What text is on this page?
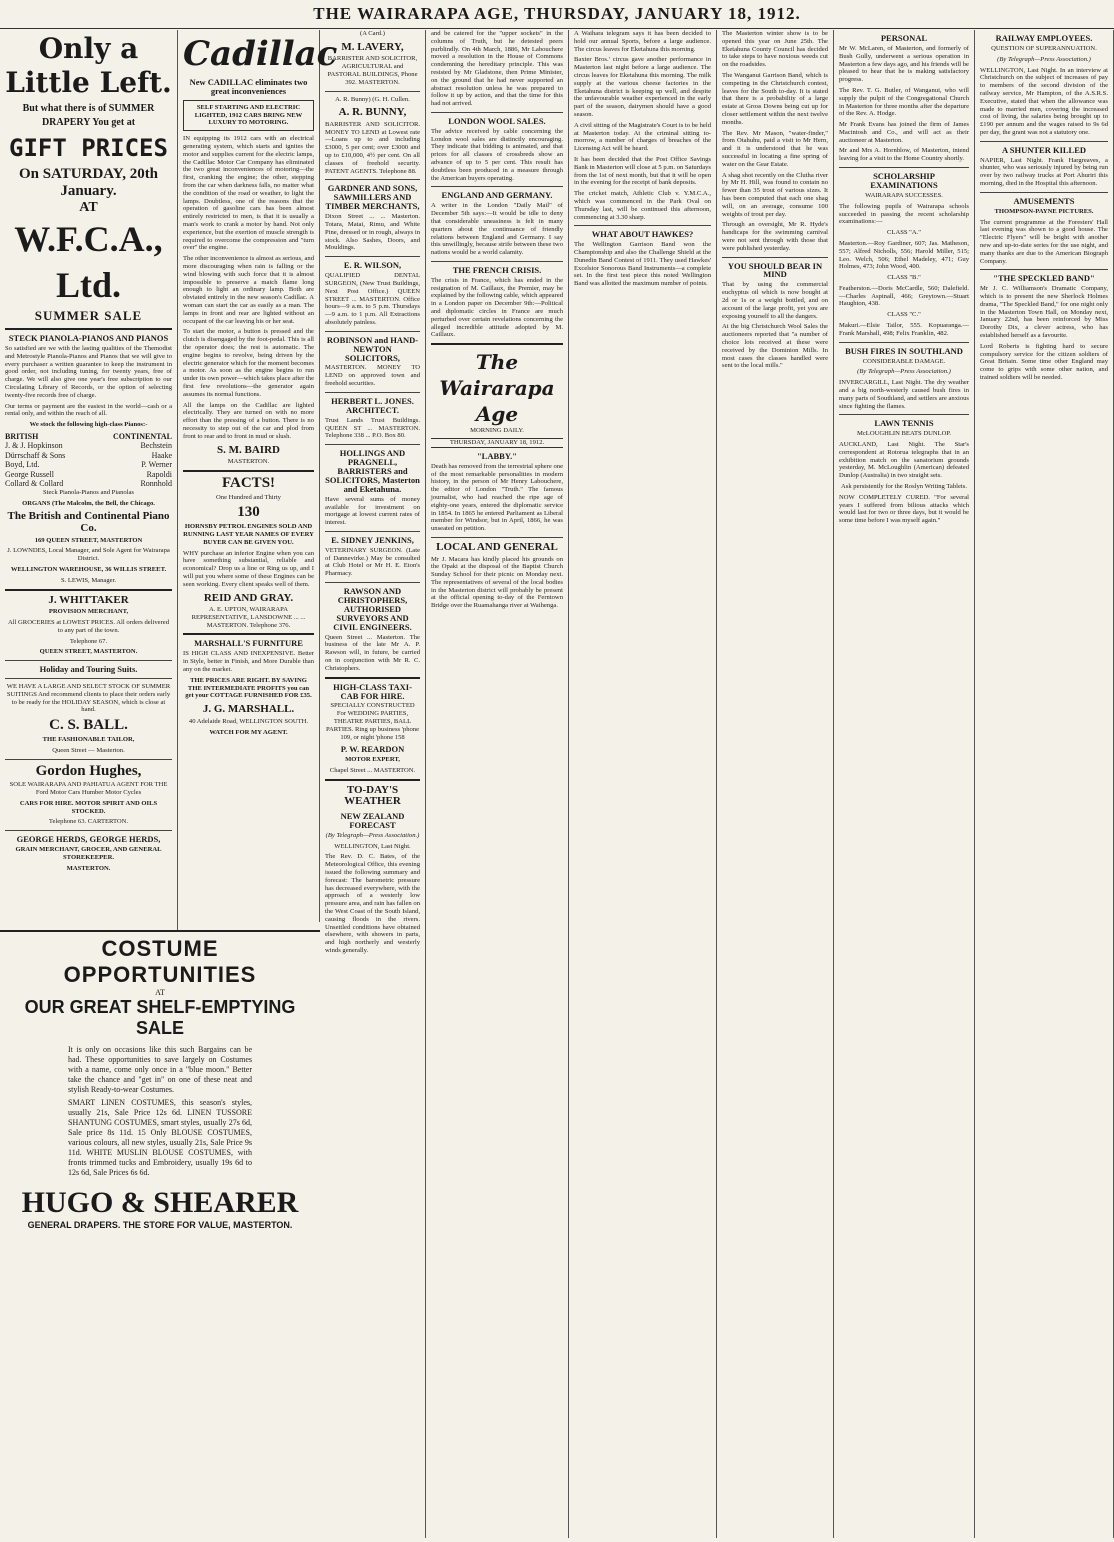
THE WAIRARAPA AGE, THURSDAY, JANUARY 18, 1912.
Only a Little Left.
But what there is of SUMMER DRAPERY You get at
GIFT PRICES
On SATURDAY, 20th January.
AT
W.F.C.A., Ltd.
SUMMER SALE
STECK PIANOLA-PIANOS AND PIANOS

So satisfied are we with the lasting qualities of the Themodist and Metrostyle Pianola-Pianos and Pianos that we will give to every purchaser a written guarantee to keep the instrument in good order, not including tuning, for twenty years, free of charge. We will also give one year's free subscription to our Circulating Library of Records, or the option of selecting twenty-five records free of charge.

Our terms or payment are the easiest in the world—cash or a rental only, and within the reach of all.

We stock the following high-class Pianos:-
BRITISH	CONTINENTAL
J. & J. Hopkinson	Bechstein
Dürrschaff & Sons	Haake
Boyd, Ltd.	P. Werner
George Russell	Rapoldi
Collard & Collard	Ronnhold
Steck Pianola-Pianos and Pianolas
ORGANS (The Malcolm, the Bell, the Chicago.
The British and Continental Piano Co.
169 QUEEN STREET, MASTERTON
J. LOWNDES, Local Manager, and Sole Agent for Wairarapa District.
WELLINGTON WAREHOUSE, 36 WILLIS STREET.
S. LEWIS, Manager.
J. WHITTAKER
PROVISION MERCHANT,
All GROCERIES at LOWEST PRICES. All orders delivered to any part of the town.
Telephone 67.
QUEEN STREET, MASTERTON.
Holiday and Touring Suits.

WE HAVE A LARGE AND SELECT STOCK OF SUMMER SUITINGS And recommend clients to place their orders early to be ready for the HOLIDAY SEASON, which is close at hand.

C. S. BALL.
THE FASHIONABLE TAILOR,
Queen Street — Masterton.
Gordon Hughes,
SOLE WAIRARAPA AND PAHIATUA AGENT FOR THE Ford Motor Cars Humber Motor Cycles
CARS FOR HIRE. MOTOR SPIRIT AND OILS STOCKED.
Telephone 63. CARTERTON.
GEORGE HERDS, GEORGE HERDS,
GRAIN MERCHANT, GROCER, AND GENERAL STOREKEEPER.
MASTERTON.
Cadillac
New CADILLAC eliminates two great inconveniences
SELF STARTING AND ELECTRIC LIGHTED, 1912 CARS BRING NEW LUXURY TO MOTORING.

IN equipping its 1912 cars with an electrical generating system, which starts and ignites the motor and supplies current for the electric lamps, the Cadillac Motor Car Company has eliminated the two great inconveniences of motoring—the first, cranking the engine; the other, stepping from the car when darkness falls, no matter what the condition of the road or weather, to light the lamps. Doubtless, one of the reasons that the operation of gasoline cars has been almost entirely restricted to men, is that it is usually a man's work to crank a motor by hand. Not only experience, but the exertion of muscle strength is required to overcome the compression and "turn over" the engine.

The other inconvenience is almost as serious, and more discouraging when rain is falling or the wind blowing with such force that it is almost impossible to preserve a match flame long enough to light an ordinary lamp. Both are obviated entirely in the new season's Cadillac. A woman can start the car as easily as a man. The lamps in front and rear are lighted without an occupant of the car leaving his or her seat.

To start the motor, a button is pressed and the clutch is disengaged by the foot-pedal. This is all the operator does; the rest is automatic. The engine begins to revolve, being driven by the electric generator which for the moment becomes a motor. As soon as the engine begins to run under its own power—which takes place after the first few revolutions—the generator again assumes its normal functions.

All the lamps on the Cadillac are lighted electrically. They are turned on with no more effort than the pressing of a button. There is no necessity to step out of the car and plod from front to rear and to front in mud or slush.

S. M. BAIRD
MASTERTON.
FACTS!
One Hundred and Thirty
130
HORNSBY PETROL ENGINES SOLD AND RUNNING LAST YEAR NAMES OF EVERY BUYER CAN BE GIVEN YOU.

WHY purchase an inferior Engine when you can have something substantial, reliable and economical? Drop us a line or Ring us up, and I will put you where some of these Engines can be seen working. Every client speaks well of them.

REID AND GRAY.
A. E. UPTON, WAIRARAPA REPRESENTATIVE, LANSDOWNE ... ... MASTERTON. Telephone 376.
MARSHALL'S FURNITURE

IS HIGH CLASS AND INEXPENSIVE. Better in Style, better in Finish, and More Durable than any on the market.

THE PRICES ARE RIGHT. BY SAVING THE INTERMEDIATE PROFITS you can get your COTTAGE FURNISHED FOR £35.
J. G. MARSHALL.
40 Adelaide Road, WELLINGTON SOUTH.
WATCH FOR MY AGENT.
COSTUME OPPORTUNITIES
AT
OUR GREAT SHELF-EMPTYING SALE

It is only on occasions like this such Bargains can be had. These opportunities to save largely on Costumes with a name, come only once in a "blue moon." Better take the chance and "get in" on one of these neat and stylish Ready-to-wear Costumes.

SMART LINEN COSTUMES, this season's styles, usually 21s, Sale Price 12s 6d. LINEN TUSSORE SHANTUNG COSTUMES, smart styles, usually 27s 6d, Sale price 8s 11d. 15 Only BLOUSE COSTUMES, various colours, all new styles, usually 21s, Sale Price 9s 11d. WHITE MUSLIN BLOUSE COSTUMES, with fronts trimmed tucks and Embroidery, usually 19s 6d to 12s 6d, Sale Prices 6s 6d.

HUGO & SHEARER
GENERAL DRAPERS. THE STORE FOR VALUE, MASTERTON.
(A Card.)
M. LAVERY,
BARRISTER AND SOLICITOR, AGRICULTURAL and PASTORAL BUILDINGS, Phone 392. MASTERTON.
A. R. Bunny) (G. H. Cullen.
A. R. BUNNY,

BARRISTER AND SOLICITOR. MONEY TO LEND at Lowest rate—Loans up to and including £3000, 5 per cent; over £3000 and up to £10,000, 4½ per cent. On all classes of freehold security. PATENT AGENTS. Telephone 88.

GARDNER AND SONS, SAWMILLERS AND TIMBER MERCHANTS,

Dixon Street ... ... Masterton. Totara, Matai, Rimu, and White Pine, dressed or in rough, always in stock. Also Sashes, Doors, and Mouldings.

E. R. WILSON,

QUALIFIED DENTAL SURGEON, (New Trust Buildings, Next Post Office.) QUEEN STREET ... MASTERTON. Office hours—9 a.m. to 5 p.m. Thursdays—9 a.m. to 1 p.m. All Extractions absolutely painless.

ROBINSON and HAND-NEWTON SOLICITORS,

MASTERTON. MONEY TO LEND on approved town and freehold securities.

HERBERT L. JONES. ARCHITECT.

Trust Lands Trust Buildings. QUEEN ST ... MASTERTON. Telephone 338 ... P.O. Box 80.

HOLLINGS AND PRAGNELL, BARRISTERS and SOLICITORS, Masterton and Eketahuna.

Have several sums of money available for investment on mortgage at lowest current rates of interest.

E. SIDNEY JENKINS,

VETERINARY SURGEON. (Late of Dannevirke.) May be consulted at Club Hotel or Mr H. E. Eton's Pharmacy.

RAWSON AND CHRISTOPHERS, AUTHORISED SURVEYORS AND CIVIL ENGINEERS.

Queen Street ... Masterton. The business of the late Mr A. P. Rawson will, in future, be carried on in conjunction with Mr R. C. Christophers.

HIGH-CLASS TAXI-CAB FOR HIRE.

SPECIALLY CONSTRUCTED For WEDDING PARTIES, THEATRE PARTIES, BALL PARTIES. Ring up business 'phone 109, or night 'phone 158

P. W. REARDON
MOTOR EXPERT,
Chapel Street ... MASTERTON.
TO-DAY'S WEATHER
NEW ZEALAND FORECAST
(By Telegraph—Press Association.)
WELLINGTON, Last Night.

The Rev. D. C. Bates, of the Meteorological Office, this evening issued the following summary and forecast: The barometric pressure has decreased everywhere, with the approach of a westerly low pressure area, and rain has fallen on the West Coast of the South Island, causing floods in the rivers. Unsettled conditions have obtained elsewhere, with showers in parts, and high northerly and westerly winds generally.

and be catered for the "upper sockets" in the columns of Truth, but he detested peers purblindly. On 4th March, 1886, Mr Labouchere moved a resolution in the House of Commons condemning the hereditary principle. This was resisted by Mr Gladstone, then Prime Minister, on the ground that he had never supported an abstract resolution unless he was prepared to follow it up by action, and that the time for this had not arrived.

LONDON WOOL SALES.

The advice received by cable concerning the London wool sales are distinctly encouraging. They indicate that bidding is animated, and that prices for all classes of crossbreds show an advance of up to 5 per cent. This result has doubtless been produced in a measure through the American buyers operating.

ENGLAND AND GERMANY.

A writer in the London "Daily Mail" of December 5th says:—It would be idle to deny that considerable uneasiness is felt in many quarters about the continuance of friendly relations between England and Germany. I say this unwillingly, because strife between these two nations would be a world calamity.

THE FRENCH CRISIS.

The crisis in France, which has ended in the resignation of M. Caillaux, the Premier, may be explained by the following cable, which appeared in a London paper on December 9th:—Political and diplomatic circles in France are much perturbed over certain revelations concerning the alleged incredible attitude adopted by M. Caillaux.

The Wairarapa Age
MORNING DAILY.
THURSDAY, JANUARY 18, 1912.
"LABBY."

Death has removed from the terrestrial sphere one of the most remarkable personalities in modern history, in the person of Mr Henry Labouchere, the editor of London "Truth." The famous journalist, who had reached the ripe age of eighty-one years, entered the diplomatic service in 1854. In 1865 he entered Parliament as Liberal member for Windsor, but in April, 1866, he was unseated on petition.

LOCAL AND GENERAL

Mr J. Macara has kindly placed his grounds on the Opaki at the disposal of the Baptist Church Sunday School for their picnic on Monday next. The representatives of several of the local bodies in the Masterton district will probably be present at the official opening to-day of the Ferntown Bridge over the Ruamahanga river at Waihenga.

A Waihara telegram says it has been decided to hold our annual Sports, before a large audience. The circus leaves for Eketahuna this morning.

Baxter Bros.' circus gave another performance in Masterton last night before a large audience. The circus leaves for Eketahuna this morning. The milk supply at the various cheese factories in the Eketahuna district is keeping up well, and despite the unfavourable weather experienced in the early part of the season, dairymen should have a good season.

A civil sitting of the Magistrate's Court is to be held at Masterton today. At the criminal sitting to-morrow, a number of charges of breaches of the Licensing Act will be heard.

It has been decided that the Post Office Savings Bank in Masterton will close at 5 p.m. on Saturdays from the 1st of next month, but that it will be open in the evening for the receipt of bank deposits.

The cricket match, Athletic Club v. Y.M.C.A., which was commenced in the Park Oval on Thursday last, will be continued this afternoon, commencing at 3.30 sharp.

WHAT ABOUT HAWKES?

The Wellington Garrison Band won the Championship and also the Challenge Shield at the Dunedin Band Contest of 1911. They used Hawkes' Excelsior Sonorous Band Instruments—a complete set. In the first test piece this noted Wellington Band was allotted the maximum number of points.

The Masterton winter show is to be opened this year on June 25th. The Eketahuna County Council has decided to take steps to have noxious weeds cut on the roadsides.

The Wanganui Garrison Band, which is competing in the Christchurch contest, leaves for the South to-day. It is stated that there is a probability of a large estate at Gross Downs being cut up for closer settlement within the next twelve months.

The Rev. Mr Mason, "water-finder," from Otahuhu, paid a visit to Mr Hern, and it is understood that he was successful in locating a fine spring of water on the Gear Estate.

A shag shot recently on the Clutha river by Mr H. Hill, was found to contain no fewer than 35 trout of various sizes. It has been computed that each one shag will, on an average, consume 100 weights of trout per day.

Through an oversight, Mr R. Hyde's handicaps for the swimming carnival were not sent through with those that were published yesterday.

YOU SHOULD BEAR IN MIND

That by using the commercial euchyptus oil which is now bought at 2d or 1s or a weight bottled, and on account of the large profit, yet you are exposing yourself to all the dangers.

At the big Christchurch Wool Sales the auctioneers reported that "a number of choice lots received at these were received by the Dominion Mills. In most cases the classes handled were sent to the local mills."

PERSONAL

Mr W. McLaren, of Masterton, and formerly of Bush Gully, underwent a serious operation in Masterton a few days ago, and his friends will be pleased to hear that he is making satisfactory progress.

The Rev. T. G. Butler, of Wanganui, who will supply the pulpit of the Congregational Church in Masterton for three months after the departure of the Rev. A. Hodge.

Mr Frank Evans has joined the firm of James Macintosh and Co., and will act as their auctioneer at Masterton.

Mr and Mrs A. Hornblow, of Masterton, intend leaving for a visit to the Home Country shortly.

SCHOLARSHIP EXAMINATIONS
WAIRARAPA SUCCESSES.

The following pupils of Wairarapa schools succeeded in passing the recent scholarship examinations:—

CLASS "A."

Masterton.—Roy Gardiner, 607; Jas. Matheson, 557; Alfred Nicholls, 556; Harold Miller, 515; Leo. Welch, 506; Ethel Madeley, 471; Guy Holmes, 473; John Wood, 400.

CLASS "B."

Featherston.—Doris McCardle, 560; Dalefield.—Charles Aspinall, 466; Greytown.—Stuart Haughton, 438.

CLASS "C."

Makuri.—Elsie Tailor, 555. Kopuaranga.—Frank Marshall, 498; Felix Franklin, 482.

BUSH FIRES IN SOUTHLAND
CONSIDERABLE DAMAGE.
(By Telegraph—Press Association.)

INVERCARGILL, Last Night. The dry weather and a big north-westerly caused bush fires in many parts of Southland, and settlers are anxious since fighting the flames.

LAWN TENNIS
McLOUGHLIN BEATS DUNLOP.

AUCKLAND, Last Night. The Star's correspondent at Rotorua telegraphs that in an exhibition match on the sanatorium grounds yesterday, M. McLoughlin (American) defeated Dunlop (Australia) in two straight sets.

Ask persistently for the Roslyn Writing Tablets.

NOW COMPLETELY CURED. "For several years I suffered from bilious attacks which would last for two or three days, but it would be some time before I was myself again."

RAILWAY EMPLOYEES.
QUESTION OF SUPERANNUATION.
(By Telegraph—Press Association.)

WELLINGTON, Last Night. In an interview at Christchurch on the subject of increases of pay to members of the second division of the railway service, Mr Hampton, of the A.S.R.S. Executive, stated that when the allowance was made to married men, covering the increased cost of living, the salaries being brought up to £190 per annum and the wages raised to 9s 6d per day, the grant was not a statutory one.

A SHUNTER KILLED

NAPIER, Last Night. Frank Hargreaves, a shunter, who was seriously injured by being run over by two railway trucks at Port Ahuriri this morning, died in the Hospital this afternoon.

AMUSEMENTS
THOMPSON-PAYNE PICTURES.

The current programme at the Foresters' Hall last evening was shown to a good house. The "Electric Flyers" will be bright with another new and up-to-date series for the use night, and many thanks are due to the American Biograph Company.

"THE SPECKLED BAND"

Mr J. C. Williamson's Dramatic Company, which is to present the new Sherlock Holmes drama, "The Speckled Band," for one night only in the Masterton Town Hall, on Monday next, January 22nd, has been reinforced by Miss Dorothy Dix, a clever actress, who has established herself as a favourite.

Lord Roberts is fighting hard to secure compulsory service for the citizen soldiers of Great Britain. Some time other England may come to grips with some other nation, and trained soldiers will be needed.
